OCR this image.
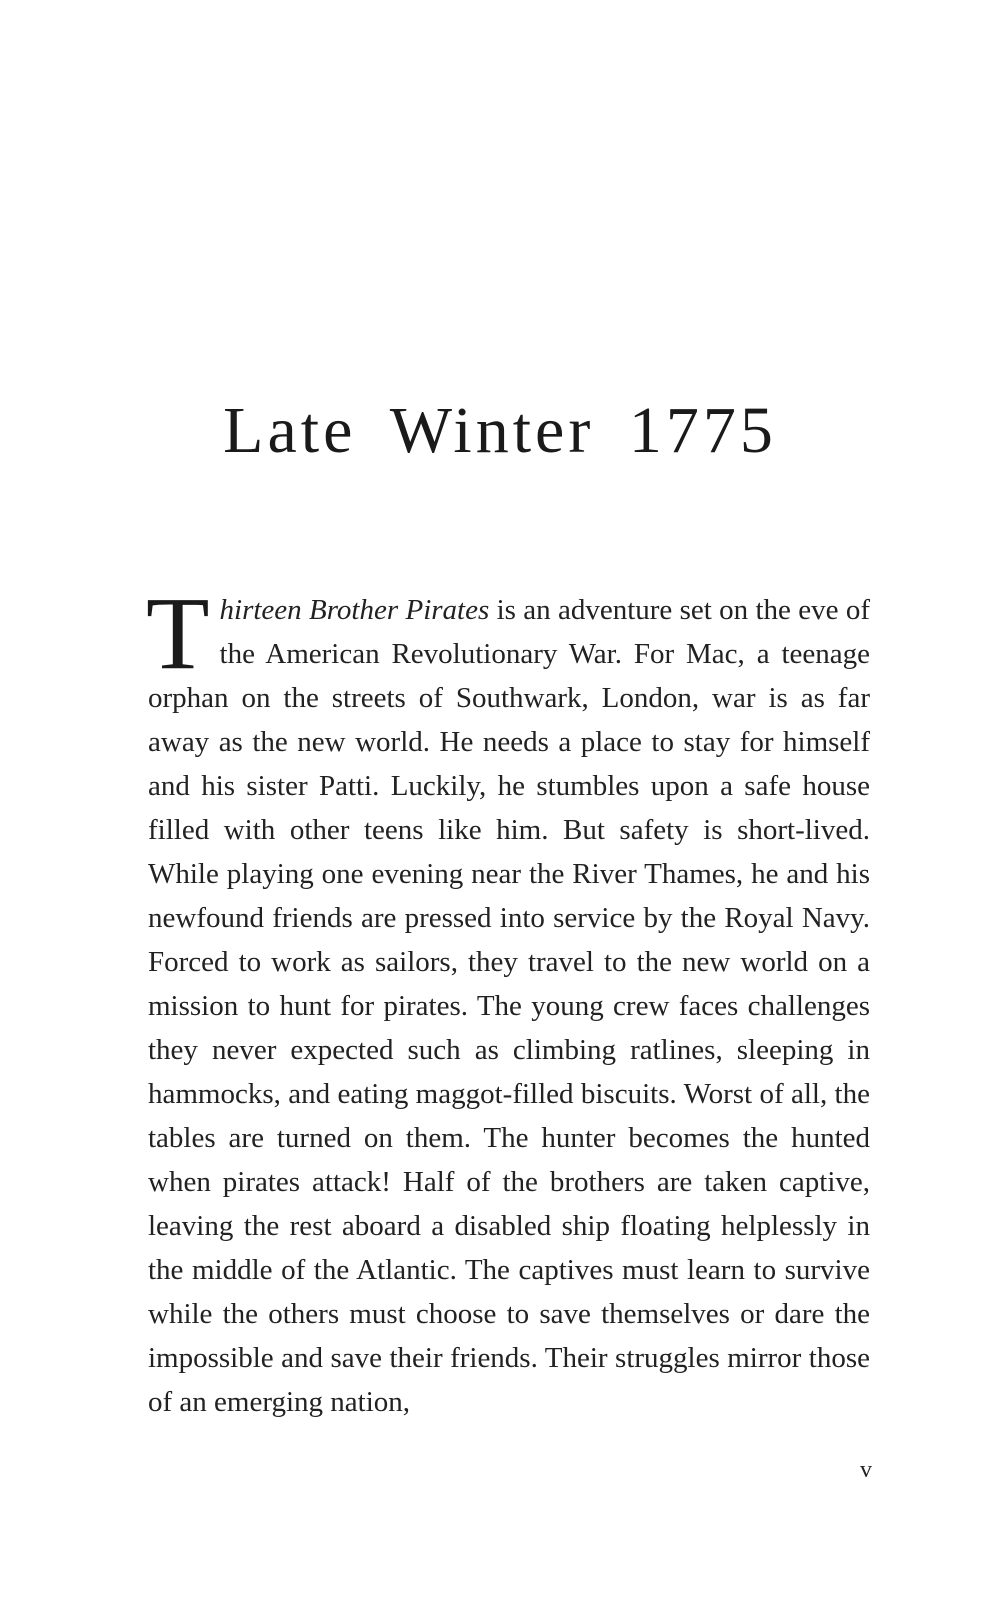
Late Winter 1775

Thirteen Brother Pirates is an adventure set on the eve of the American Revolutionary War. For Mac, a teenage orphan on the streets of Southwark, London, war is as far away as the new world. He needs a place to stay for himself and his sister Patti. Luckily, he stumbles upon a safe house filled with other teens like him. But safety is short-lived. While playing one evening near the River Thames, he and his newfound friends are pressed into service by the Royal Navy. Forced to work as sailors, they travel to the new world on a mission to hunt for pirates. The young crew faces challenges they never expected such as climbing ratlines, sleeping in hammocks, and eating maggot-filled biscuits. Worst of all, the tables are turned on them. The hunter becomes the hunted when pirates attack! Half of the brothers are taken captive, leaving the rest aboard a disabled ship floating helplessly in the middle of the Atlantic. The captives must learn to survive while the others must choose to save themselves or dare the impossible and save their friends. Their struggles mirror those of an emerging nation,

v
